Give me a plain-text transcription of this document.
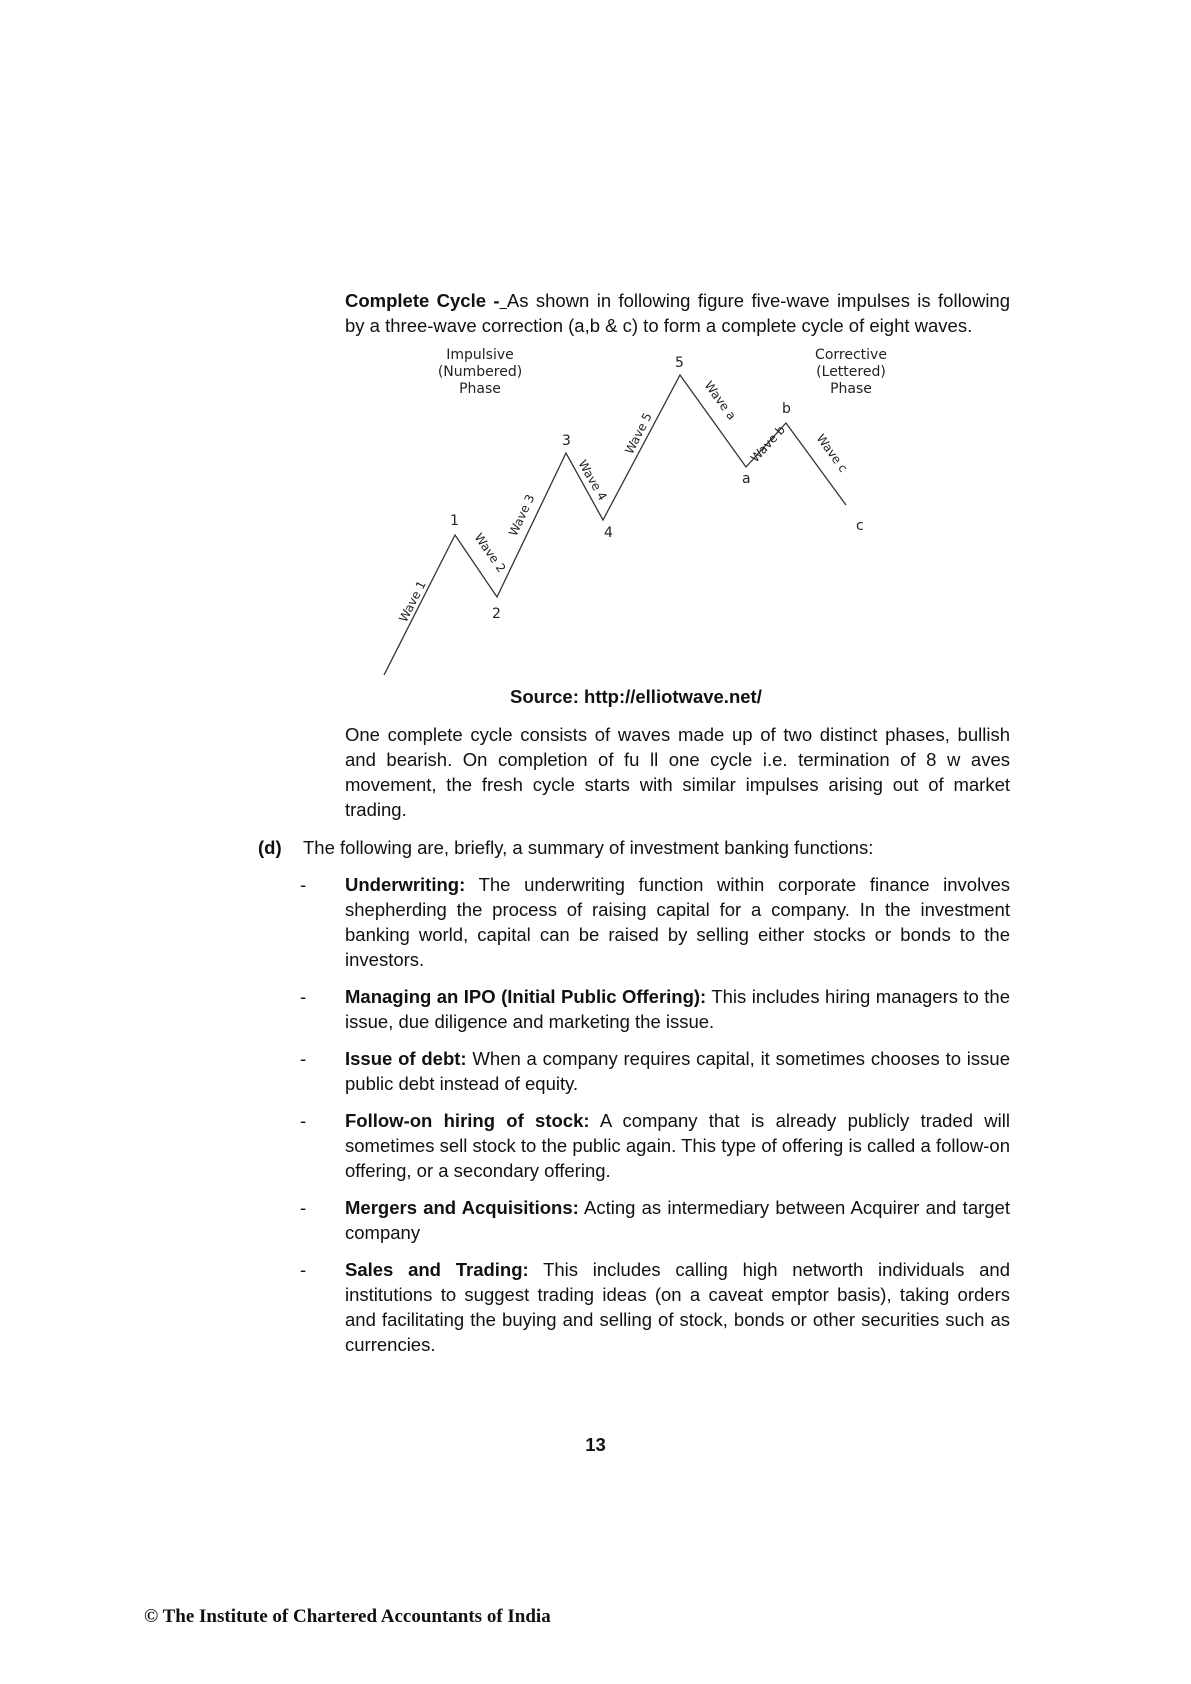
Complete Cycle - As shown in following figure five-wave impulses is following by a three-wave correction (a,b & c) to form a complete cycle of eight waves.
Impulsive
(Numbered)
Phase
Corrective
(Lettered)
Phase
1
2
3
4
5
a
b
c
Wave 1
Wave 2
Wave 3
Wave 4
Wave 5
Wave a
Wave b Wave c
Source: http://elliotwave.net/
One complete cycle consists of waves made up of two distinct phases, bullish and bearish. On completion of fu ll one cycle i.e. termination of 8 w aves movement, the fresh cycle starts with similar impulses arising out of market trading.
(d) The following are, briefly, a summary of investment banking functions:
- Underwriting: The underwriting function within corporate finance involves shepherding the process of raising capital for a company. In the investment banking world, capital can be raised by selling either stocks or bonds to the investors.
- Managing an IPO (Initial Public Offering): This includes hiring managers to the issue, due diligence and marketing the issue.
- Issue of debt: When a company requires capital, it sometimes chooses to issue public debt instead of equity.
- Follow-on hiring of stock: A company that is already publicly traded will sometimes sell stock to the public again. This type of offering is called a follow-on offering, or a secondary offering.
- Mergers and Acquisitions: Acting as intermediary between Acquirer and target company
- Sales and Trading: This includes calling high networth individuals and institutions to suggest trading ideas (on a caveat emptor basis), taking orders and facilitating the buying and selling of stock, bonds or other securities such as currencies.
13
© The Institute of Chartered Accountants of India
